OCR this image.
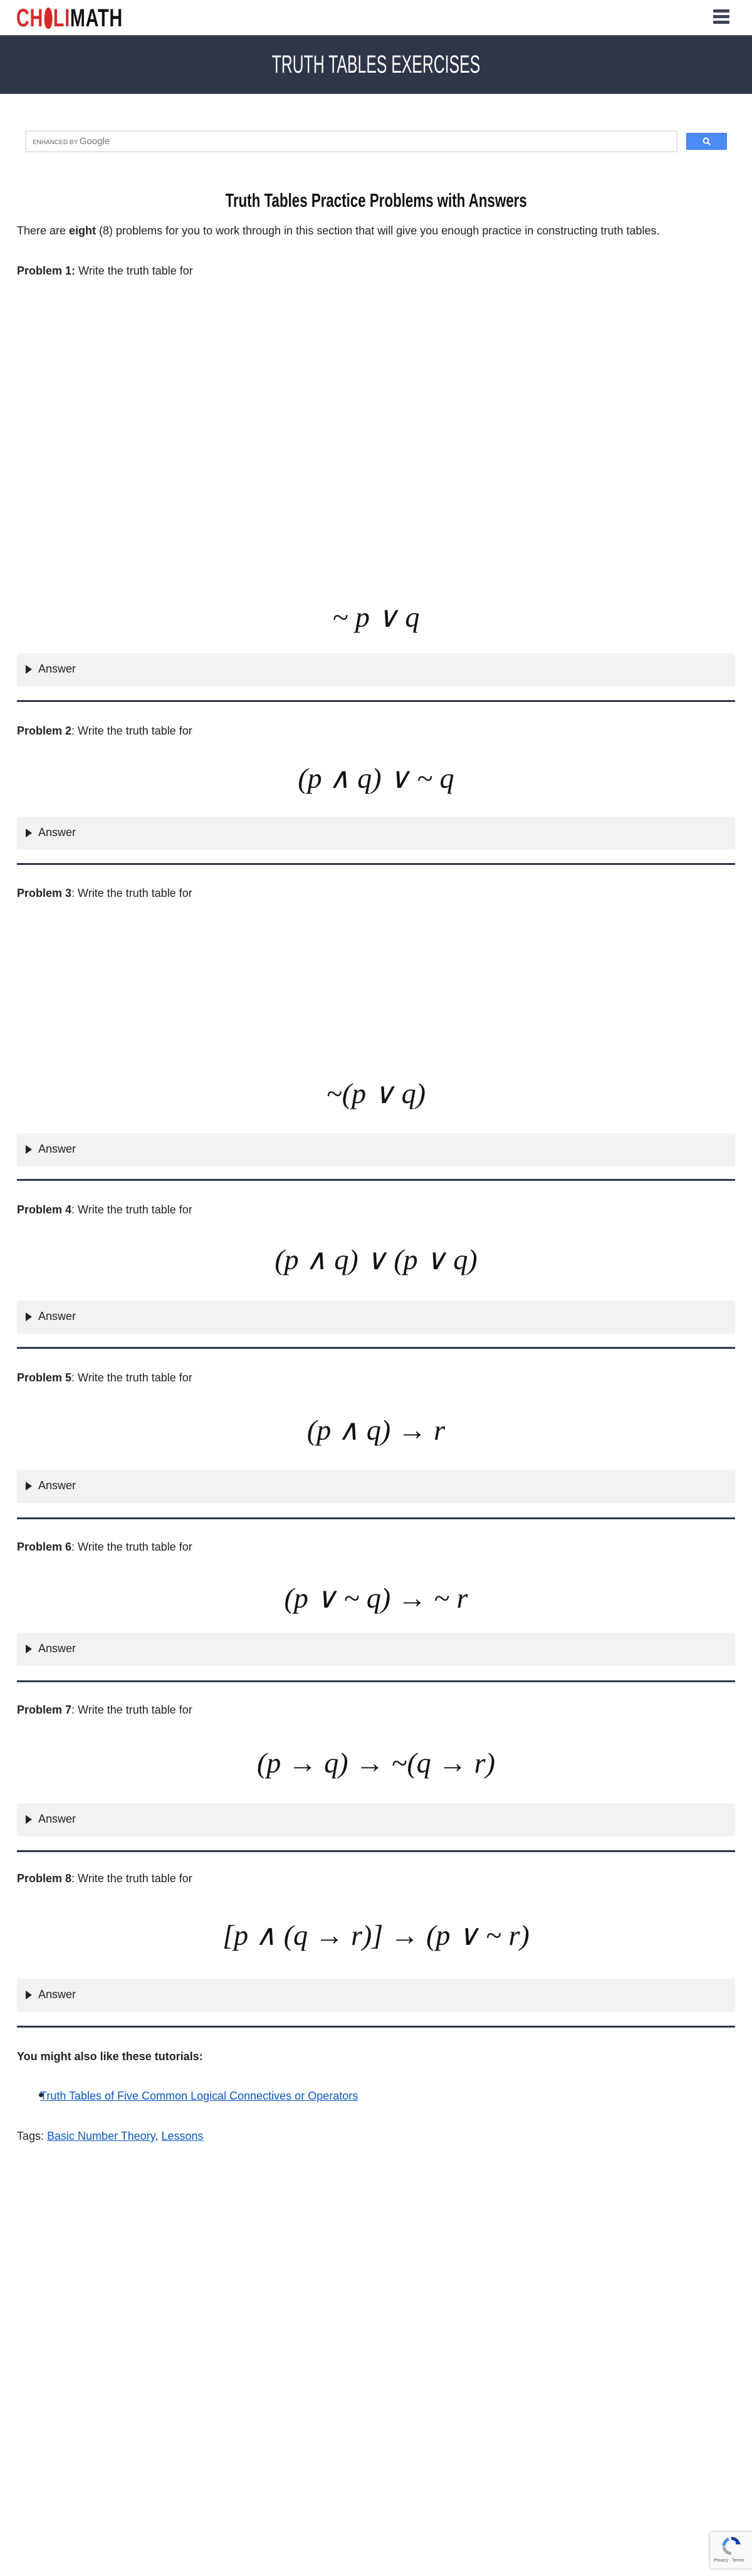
CH LIMATH
TRUTH TABLES EXERCISES
ENHANCED BY Google
Truth Tables Practice Problems with Answers
There are eight (8) problems for you to work through in this section that will give you enough practice in constructing truth tables.
Problem 1: Write the truth table for
~ p ∨ q
Answer
Problem 2: Write the truth table for
(p ∧ q) ∨ ~ q
Answer
Problem 3: Write the truth table for
~(p ∨ q)
Answer
Problem 4: Write the truth table for
(p ∧ q) ∨ (p ∨ q)
Answer
Problem 5: Write the truth table for
(p ∧ q) → r
Answer
Problem 6: Write the truth table for
(p ∨ ~ q) → ~ r
Answer
Problem 7: Write the truth table for
(p → q) → ~(q → r)
Answer
Problem 8: Write the truth table for
[p ∧ (q → r)] → (p ∨ ~ r)
Answer
You might also like these tutorials:
Truth Tables of Five Common Logical Connectives or Operators
Tags: Basic Number Theory, Lessons
Privacy - Terms
